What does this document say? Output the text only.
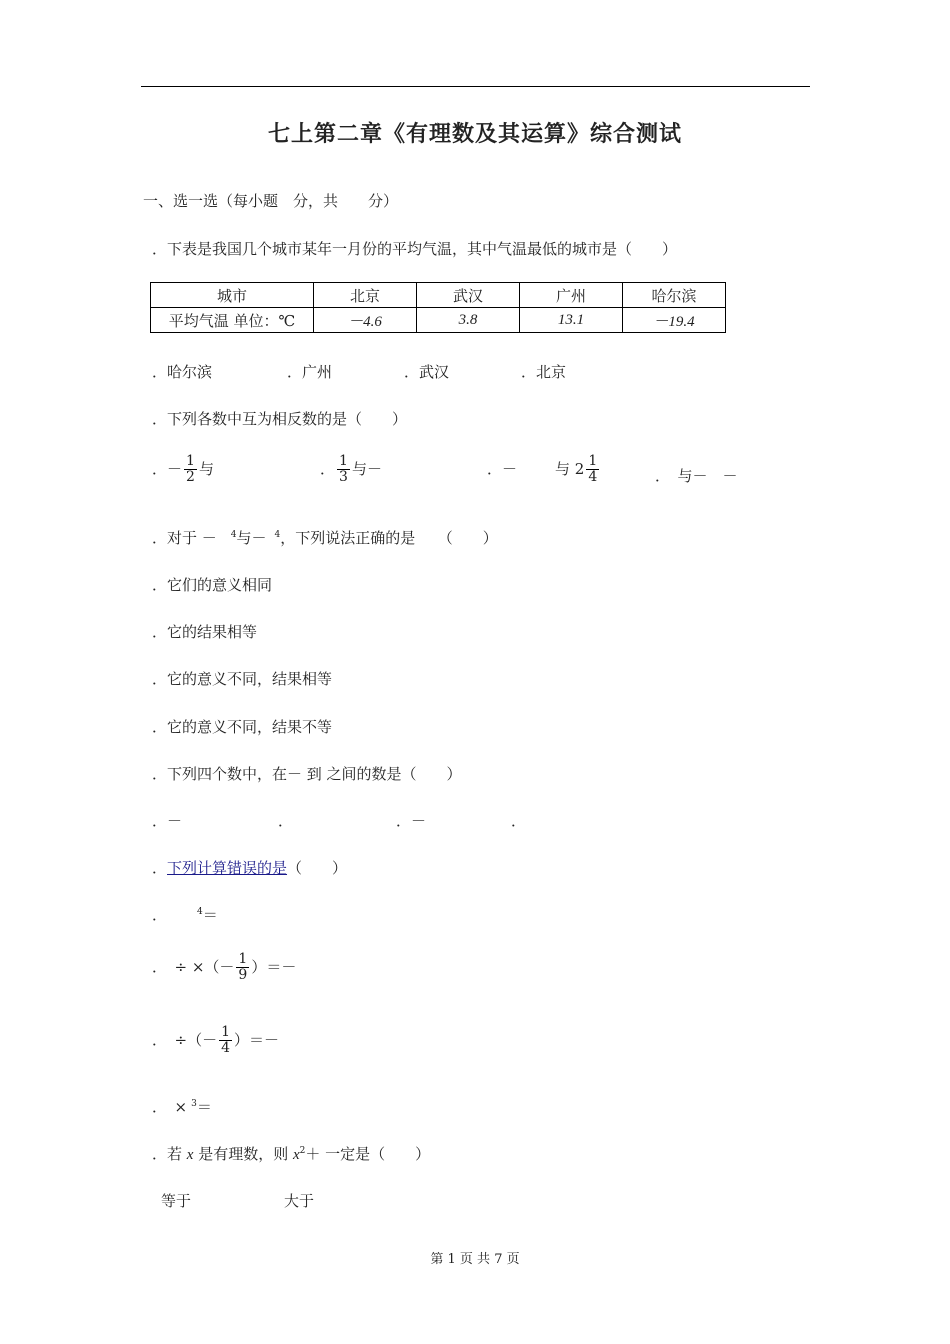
七上第二章《有理数及其运算》综合测试
一、选一选（每小题　分，共　　分）
．下表是我国几个城市某年一月份的平均气温，其中气温最低的城市是（　　）
城市	北京	武汉	广州	哈尔滨
平均气温 单位：℃	－4.6	3.8	13.1	－19.4
．哈尔滨	．广州	．武汉	．北京
．下列各数中互为相反数的是（　　）
．－ $\frac{1}{2}$ 与	． $\frac{1}{3}$ 与－	．－	与 $2 \frac{1}{4}$	．　与－　－
．对于 － $^4$与－ $^4$，下列说法正确的是　　（　　）
．它们的意义相同
．它的结果相等
．它的意义不同，结果相等
．它的意义不同，结果不等
．下列四个数中，在－ 到 之间的数是（　　）
．－	．	．－	．
．下列计算错误的是（　　）
．	$^4$＝
．　÷ ×（－ $\frac{1}{9}$ ）＝－
．　÷（－ $\frac{1}{4}$ ）＝－
．　× $^3$＝
．若 x 是有理数，则 $x^2+$ 一定是（　　）
等于	大于
第 1 页 共 7 页
